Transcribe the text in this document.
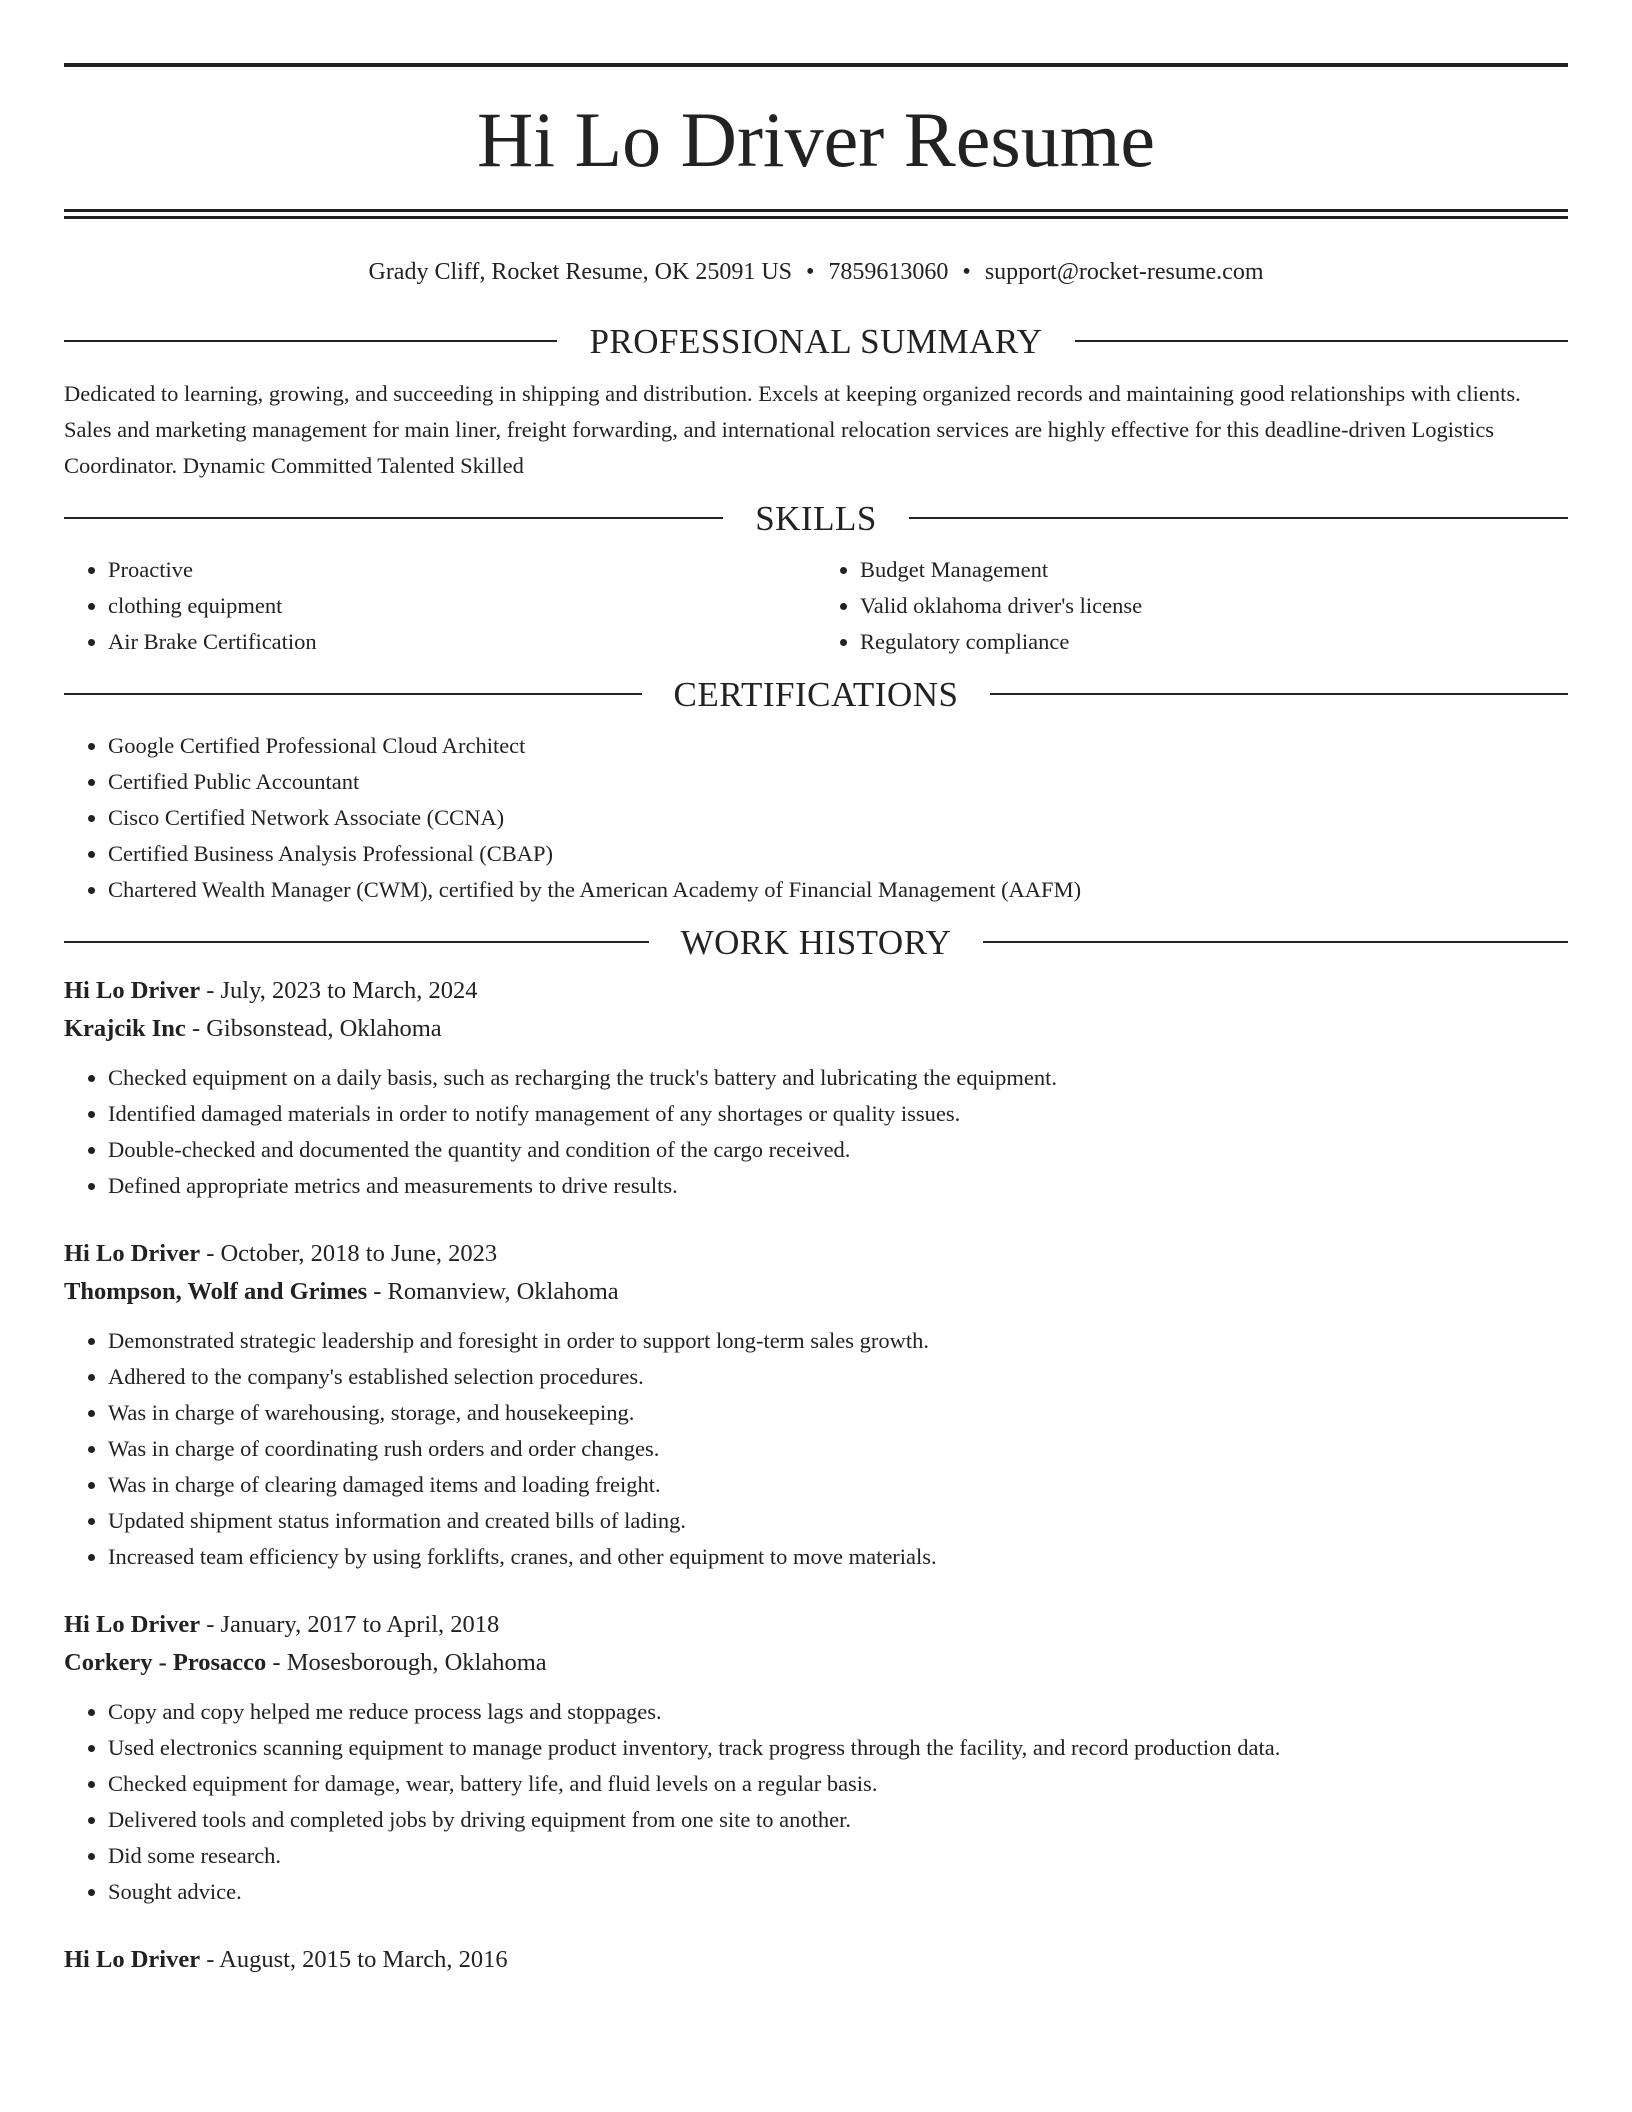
Hi Lo Driver Resume
Grady Cliff, Rocket Resume, OK 25091 US • 7859613060 • support@rocket-resume.com
PROFESSIONAL SUMMARY

Dedicated to learning, growing, and succeeding in shipping and distribution. Excels at keeping organized records and maintaining good relationships with clients. Sales and marketing management for main liner, freight forwarding, and international relocation services are highly effective for this deadline-driven Logistics Coordinator. Dynamic Committed Talented Skilled

SKILLS
• Proactive
• clothing equipment
• Air Brake Certification
• Budget Management
• Valid oklahoma driver's license
• Regulatory compliance
CERTIFICATIONS
• Google Certified Professional Cloud Architect
• Certified Public Accountant
• Cisco Certified Network Associate (CCNA)
• Certified Business Analysis Professional (CBAP)
• Chartered Wealth Manager (CWM), certified by the American Academy of Financial Management (AAFM)
WORK HISTORY
Hi Lo Driver - July, 2023 to March, 2024
Krajcik Inc - Gibsonstead, Oklahoma
• Checked equipment on a daily basis, such as recharging the truck's battery and lubricating the equipment.
• Identified damaged materials in order to notify management of any shortages or quality issues.
• Double-checked and documented the quantity and condition of the cargo received.
• Defined appropriate metrics and measurements to drive results.
Hi Lo Driver - October, 2018 to June, 2023
Thompson, Wolf and Grimes - Romanview, Oklahoma
• Demonstrated strategic leadership and foresight in order to support long-term sales growth.
• Adhered to the company's established selection procedures.
• Was in charge of warehousing, storage, and housekeeping.
• Was in charge of coordinating rush orders and order changes.
• Was in charge of clearing damaged items and loading freight.
• Updated shipment status information and created bills of lading.
• Increased team efficiency by using forklifts, cranes, and other equipment to move materials.
Hi Lo Driver - January, 2017 to April, 2018
Corkery - Prosacco - Mosesborough, Oklahoma
• Copy and copy helped me reduce process lags and stoppages.
• Used electronics scanning equipment to manage product inventory, track progress through the facility, and record production data.
• Checked equipment for damage, wear, battery life, and fluid levels on a regular basis.
• Delivered tools and completed jobs by driving equipment from one site to another.
• Did some research.
• Sought advice.
Hi Lo Driver - August, 2015 to March, 2016
